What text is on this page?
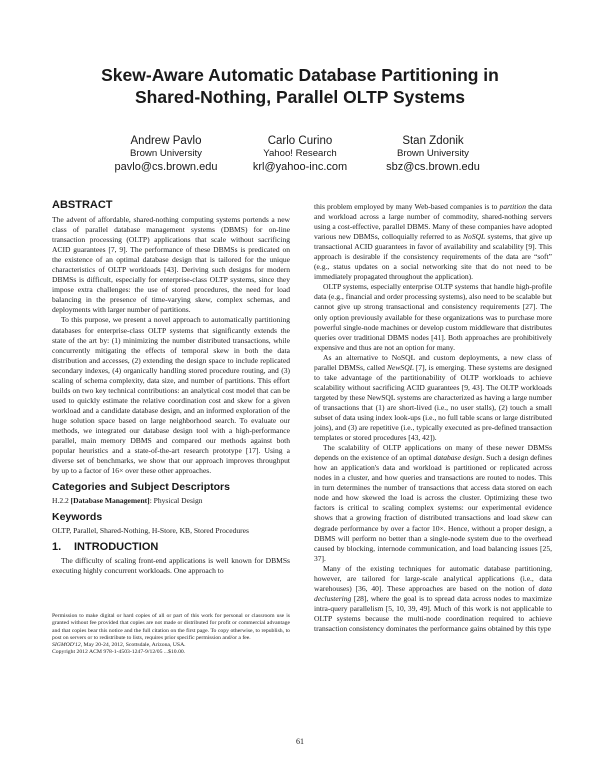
Skew-Aware Automatic Database Partitioning in
Shared-Nothing, Parallel OLTP Systems
Andrew Pavlo
Brown University
pavlo@cs.brown.edu
Carlo Curino
Yahoo! Research
krl@yahoo-inc.com
Stan Zdonik
Brown University
sbz@cs.brown.edu
ABSTRACT

The advent of affordable, shared-nothing computing systems portends a new class of parallel database management systems (DBMS) for on-line transaction processing (OLTP) applications that scale without sacrificing ACID guarantees [7, 9]. The performance of these DBMSs is predicated on the existence of an optimal database design that is tailored for the unique characteristics of OLTP workloads [43]. Deriving such designs for modern DBMSs is difficult, especially for enterprise-class OLTP systems, since they impose extra challenges: the use of stored procedures, the need for load balancing in the presence of time-varying skew, complex schemas, and deployments with larger number of partitions.

To this purpose, we present a novel approach to automatically partitioning databases for enterprise-class OLTP systems that significantly extends the state of the art by: (1) minimizing the number distributed transactions, while concurrently mitigating the effects of temporal skew in both the data distribution and accesses, (2) extending the design space to include replicated secondary indexes, (4) organically handling stored procedure routing, and (3) scaling of schema complexity, data size, and number of partitions. This effort builds on two key technical contributions: an analytical cost model that can be used to quickly estimate the relative coordination cost and skew for a given workload and a candidate database design, and an informed exploration of the huge solution space based on large neighborhood search. To evaluate our methods, we integrated our database design tool with a high-performance parallel, main memory DBMS and compared our methods against both popular heuristics and a state-of-the-art research prototype [17]. Using a diverse set of benchmarks, we show that our approach improves throughput by up to a factor of 16× over these other approaches.

Categories and Subject Descriptors

H.2.2 [Database Management]: Physical Design

Keywords

OLTP, Parallel, Shared-Nothing, H-Store, KB, Stored Procedures

1. INTRODUCTION

The difficulty of scaling front-end applications is well known for DBMSs executing highly concurrent workloads. One approach to

Permission to make digital or hard copies of all or part of this work for personal or classroom use is granted without fee provided that copies are not made or distributed for profit or commercial advantage and that copies bear this notice and the full citation on the first page. To copy otherwise, to republish, to post on servers or to redistribute to lists, requires prior specific permission and/or a fee.

SIGMOD'12, May 20-24, 2012, Scottsdale, Arizona, USA.

Copyright 2012 ACM 978-1-4503-1247-9/12/05 ...$10.00.

this problem employed by many Web-based companies is to partition the data and workload across a large number of commodity, shared-nothing servers using a cost-effective, parallel DBMS. Many of these companies have adopted various new DBMSs, colloquially referred to as NoSQL systems, that give up transactional ACID guarantees in favor of availability and scalability [9]. This approach is desirable if the consistency requirements of the data are “soft” (e.g., status updates on a social networking site that do not need to be immediately propagated throughout the application).

OLTP systems, especially enterprise OLTP systems that handle high-profile data (e.g., financial and order processing systems), also need to be scalable but cannot give up strong transactional and consistency requirements [27]. The only option previously available for these organizations was to purchase more powerful single-node machines or develop custom middleware that distributes queries over traditional DBMS nodes [41]. Both approaches are prohibitively expensive and thus are not an option for many.

As an alternative to NoSQL and custom deployments, a new class of parallel DBMSs, called NewSQL [7], is emerging. These systems are designed to take advantage of the partitionability of OLTP workloads to achieve scalability without sacrificing ACID guarantees [9, 43]. The OLTP workloads targeted by these NewSQL systems are characterized as having a large number of transactions that (1) are short-lived (i.e., no user stalls), (2) touch a small subset of data using index look-ups (i.e., no full table scans or large distributed joins), and (3) are repetitive (i.e., typically executed as pre-defined transaction templates or stored procedures [43, 42]).

The scalability of OLTP applications on many of these newer DBMSs depends on the existence of an optimal database design. Such a design defines how an application's data and workload is partitioned or replicated across nodes in a cluster, and how queries and transactions are routed to nodes. This in turn determines the number of transactions that access data stored on each node and how skewed the load is across the cluster. Optimizing these two factors is critical to scaling complex systems: our experimental evidence shows that a growing fraction of distributed transactions and load skew can degrade performance by over a factor 10×. Hence, without a proper design, a DBMS will perform no better than a single-node system due to the overhead caused by blocking, internode communication, and load balancing issues [25, 37].

Many of the existing techniques for automatic database partitioning, however, are tailored for large-scale analytical applications (i.e., data warehouses) [36, 40]. These approaches are based on the notion of data declustering [28], where the goal is to spread data across nodes to maximize intra-query parallelism [5, 10, 39, 49]. Much of this work is not applicable to OLTP systems because the multi-node coordination required to achieve transaction consistency dominates the performance gains obtained by this type

61
